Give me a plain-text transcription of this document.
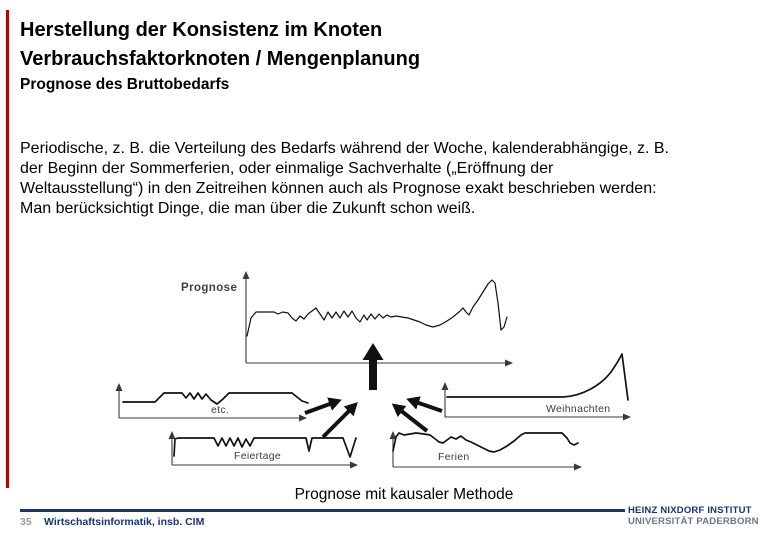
Herstellung der Konsistenz im Knoten
Verbrauchsfaktorknoten / Mengenplanung
Prognose des Bruttobedarfs
Periodische, z. B. die Verteilung des Bedarfs während der Woche, kalenderabhängige, z. B.
der Beginn der Sommerferien, oder einmalige Sachverhalte („Eröffnung der
Weltausstellung“) in den Zeitreihen können auch als Prognose exakt beschrieben werden:
Man berücksichtigt Dinge, die man über die Zukunft schon weiß.
Prognose
etc.	Weihnachten
Feiertage	Ferien
Prognose mit kausaler Methode
35 Wirtschaftsinformatik, insb. CIM
HEINZ NIXDORF INSTITUT
UNIVERSITÄT PADERBORN
